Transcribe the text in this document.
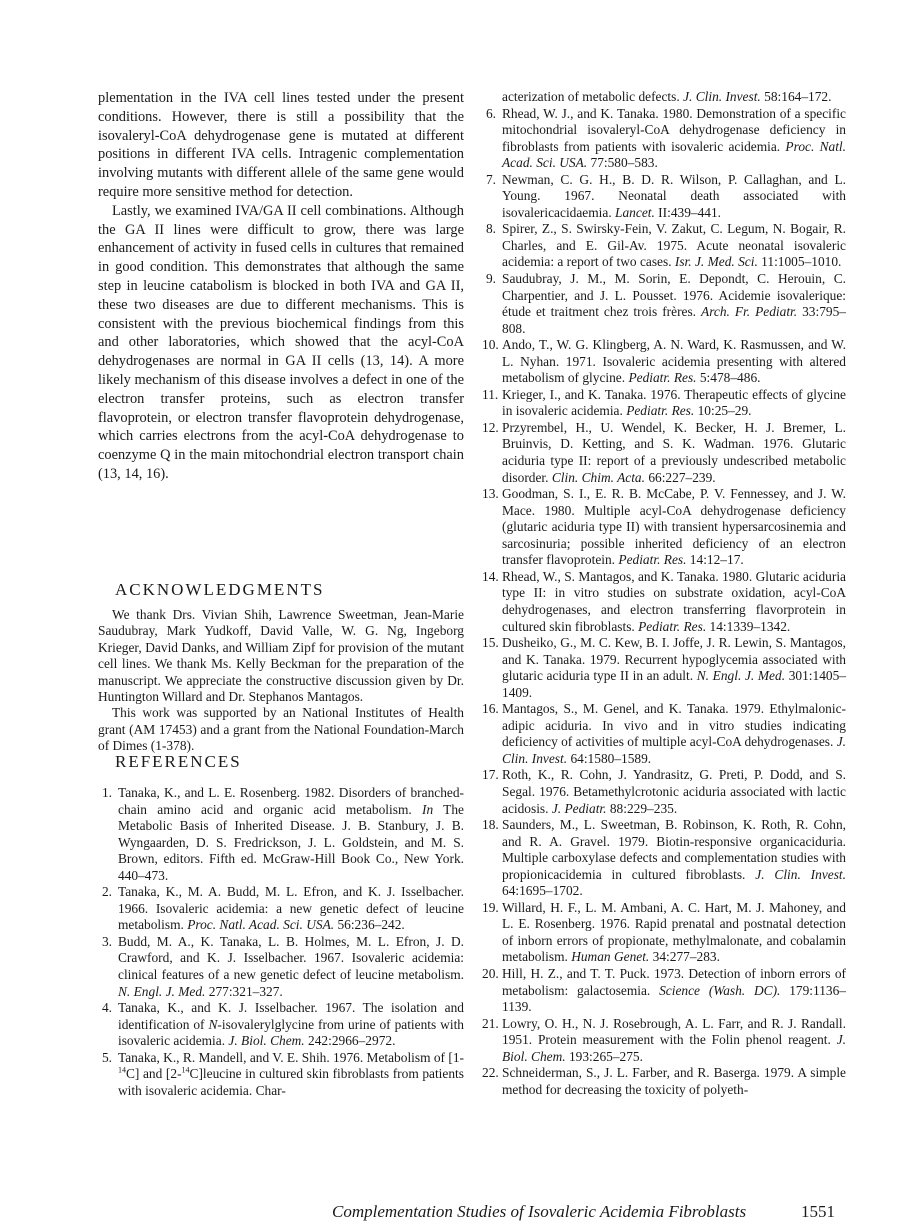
plementation in the IVA cell lines tested under the present conditions. However, there is still a possibility that the isovaleryl-CoA dehydrogenase gene is mutated at different positions in different IVA cells. Intragenic complementation involving mutants with different allele of the same gene would require more sensitive method for detection.

Lastly, we examined IVA/GA II cell combinations. Although the GA II lines were difficult to grow, there was large enhancement of activity in fused cells in cultures that remained in good condition. This demonstrates that although the same step in leucine catabolism is blocked in both IVA and GA II, these two diseases are due to different mechanisms. This is consistent with the previous biochemical findings from this and other laboratories, which showed that the acyl-CoA dehydrogenases are normal in GA II cells (13, 14). A more likely mechanism of this disease involves a defect in one of the electron transfer proteins, such as electron transfer flavoprotein, or electron transfer flavoprotein dehydrogenase, which carries electrons from the acyl-CoA dehydrogenase to coenzyme Q in the main mitochondrial electron transport chain (13, 14, 16).

ACKNOWLEDGMENTS

We thank Drs. Vivian Shih, Lawrence Sweetman, Jean-Marie Saudubray, Mark Yudkoff, David Valle, W. G. Ng, Ingeborg Krieger, David Danks, and William Zipf for provision of the mutant cell lines. We thank Ms. Kelly Beckman for the preparation of the manuscript. We appreciate the constructive discussion given by Dr. Huntington Willard and Dr. Stephanos Mantagos.

This work was supported by an National Institutes of Health grant (AM 17453) and a grant from the National Foundation-March of Dimes (1-378).

REFERENCES
1. Tanaka, K., and L. E. Rosenberg. 1982. Disorders of branched-chain amino acid and organic acid metabolism. In The Metabolic Basis of Inherited Disease. J. B. Stanbury, J. B. Wyngaarden, D. S. Fredrickson, J. L. Goldstein, and M. S. Brown, editors. Fifth ed. McGraw-Hill Book Co., New York. 440–473.
2. Tanaka, K., M. A. Budd, M. L. Efron, and K. J. Isselbacher. 1966. Isovaleric acidemia: a new genetic defect of leucine metabolism. Proc. Natl. Acad. Sci. USA. 56:236–242.
3. Budd, M. A., K. Tanaka, L. B. Holmes, M. L. Efron, J. D. Crawford, and K. J. Isselbacher. 1967. Isovaleric acidemia: clinical features of a new genetic defect of leucine metabolism. N. Engl. J. Med. 277:321–327.
4. Tanaka, K., and K. J. Isselbacher. 1967. The isolation and identification of N-isovalerylglycine from urine of patients with isovaleric acidemia. J. Biol. Chem. 242:2966–2972.
5. Tanaka, K., R. Mandell, and V. E. Shih. 1976. Metabolism of [1-$^{14}$C] and [2-$^{14}$C]leucine in cultured skin fibroblasts from patients with isovaleric acidemia. Char-
acterization of metabolic defects. J. Clin. Invest. 58:164–172.
6. Rhead, W. J., and K. Tanaka. 1980. Demonstration of a specific mitochondrial isovaleryl-CoA dehydrogenase deficiency in fibroblasts from patients with isovaleric acidemia. Proc. Natl. Acad. Sci. USA. 77:580–583.
7. Newman, C. G. H., B. D. R. Wilson, P. Callaghan, and L. Young. 1967. Neonatal death associated with isovalericacidaemia. Lancet. II:439–441.
8. Spirer, Z., S. Swirsky-Fein, V. Zakut, C. Legum, N. Bogair, R. Charles, and E. Gil-Av. 1975. Acute neonatal isovaleric acidemia: a report of two cases. Isr. J. Med. Sci. 11:1005–1010.
9. Saudubray, J. M., M. Sorin, E. Depondt, C. Herouin, C. Charpentier, and J. L. Pousset. 1976. Acidemie isovalerique: étude et traitment chez trois frères. Arch. Fr. Pediatr. 33:795–808.
10. Ando, T., W. G. Klingberg, A. N. Ward, K. Rasmussen, and W. L. Nyhan. 1971. Isovaleric acidemia presenting with altered metabolism of glycine. Pediatr. Res. 5:478–486.
11. Krieger, I., and K. Tanaka. 1976. Therapeutic effects of glycine in isovaleric acidemia. Pediatr. Res. 10:25–29.
12. Przyrembel, H., U. Wendel, K. Becker, H. J. Bremer, L. Bruinvis, D. Ketting, and S. K. Wadman. 1976. Glutaric aciduria type II: report of a previously undescribed metabolic disorder. Clin. Chim. Acta. 66:227–239.
13. Goodman, S. I., E. R. B. McCabe, P. V. Fennessey, and J. W. Mace. 1980. Multiple acyl-CoA dehydrogenase deficiency (glutaric aciduria type II) with transient hypersarcosinemia and sarcosinuria; possible inherited deficiency of an electron transfer flavoprotein. Pediatr. Res. 14:12–17.
14. Rhead, W., S. Mantagos, and K. Tanaka. 1980. Glutaric aciduria type II: in vitro studies on substrate oxidation, acyl-CoA dehydrogenases, and electron transferring flavorprotein in cultured skin fibroblasts. Pediatr. Res. 14:1339–1342.
15. Dusheiko, G., M. C. Kew, B. I. Joffe, J. R. Lewin, S. Mantagos, and K. Tanaka. 1979. Recurrent hypoglycemia associated with glutaric aciduria type II in an adult. N. Engl. J. Med. 301:1405–1409.
16. Mantagos, S., M. Genel, and K. Tanaka. 1979. Ethylmalonic-adipic aciduria. In vivo and in vitro studies indicating deficiency of activities of multiple acyl-CoA dehydrogenases. J. Clin. Invest. 64:1580–1589.
17. Roth, K., R. Cohn, J. Yandrasitz, G. Preti, P. Dodd, and S. Segal. 1976. Betamethylcrotonic aciduria associated with lactic acidosis. J. Pediatr. 88:229–235.
18. Saunders, M., L. Sweetman, B. Robinson, K. Roth, R. Cohn, and R. A. Gravel. 1979. Biotin-responsive organicaciduria. Multiple carboxylase defects and complementation studies with propionicacidemia in cultured fibroblasts. J. Clin. Invest. 64:1695–1702.
19. Willard, H. F., L. M. Ambani, A. C. Hart, M. J. Mahoney, and L. E. Rosenberg. 1976. Rapid prenatal and postnatal detection of inborn errors of propionate, methylmalonate, and cobalamin metabolism. Human Genet. 34:277–283.
20. Hill, H. Z., and T. T. Puck. 1973. Detection of inborn errors of metabolism: galactosemia. Science (Wash. DC). 179:1136–1139.
21. Lowry, O. H., N. J. Rosebrough, A. L. Farr, and R. J. Randall. 1951. Protein measurement with the Folin phenol reagent. J. Biol. Chem. 193:265–275.
22. Schneiderman, S., J. L. Farber, and R. Baserga. 1979. A simple method for decreasing the toxicity of polyeth-
Complementation Studies of Isovaleric Acidemia Fibroblasts	1551
